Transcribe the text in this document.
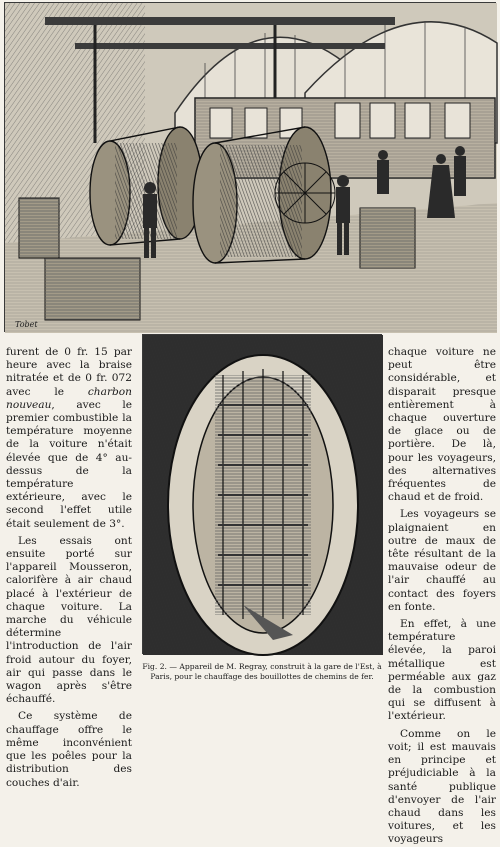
Tobet
Fig. 2. — Appareil de M. Regray, construit à la gare de l'Est, à Paris, pour le chauffage des bouillottes de chemins de fer.

furent de 0 fr. 15 par heure avec la braise nitratée et de 0 fr. 072 avec le charbon nouveau, avec le premier combustible la température moyenne de la voiture n'était élevée que de 4° au-dessus de la température extérieure, avec le second l'effet utile était seulement de 3°.

Les essais ont ensuite porté sur l'appareil Mousseron, calorifère à air chaud placé à l'extérieur de chaque voiture. La marche du véhicule détermine l'introduction de l'air froid autour du foyer, air qui passe dans le wagon après s'être échauffé.

Ce système de chauffage offre le même inconvénient que les poêles pour la distribution des couches d'air.

chaque voiture ne peut être considérable, et disparait presque entièrement à chaque ouverture de glace ou de portière. De là, pour les voyageurs, des alternatives fréquentes de chaud et de froid.

Les voyageurs se plaignaient en outre de maux de tête résultant de la mauvaise odeur de l'air chauffé au contact des foyers en fonte.

En effet, à une température élevée, la paroi métallique est perméable aux gaz de la combustion qui se diffusent à l'extérieur.

Comme on le voit; il est mauvais en principe et préjudiciable à la santé publique d'envoyer de l'air chaud dans les voitures, et les voyageurs
